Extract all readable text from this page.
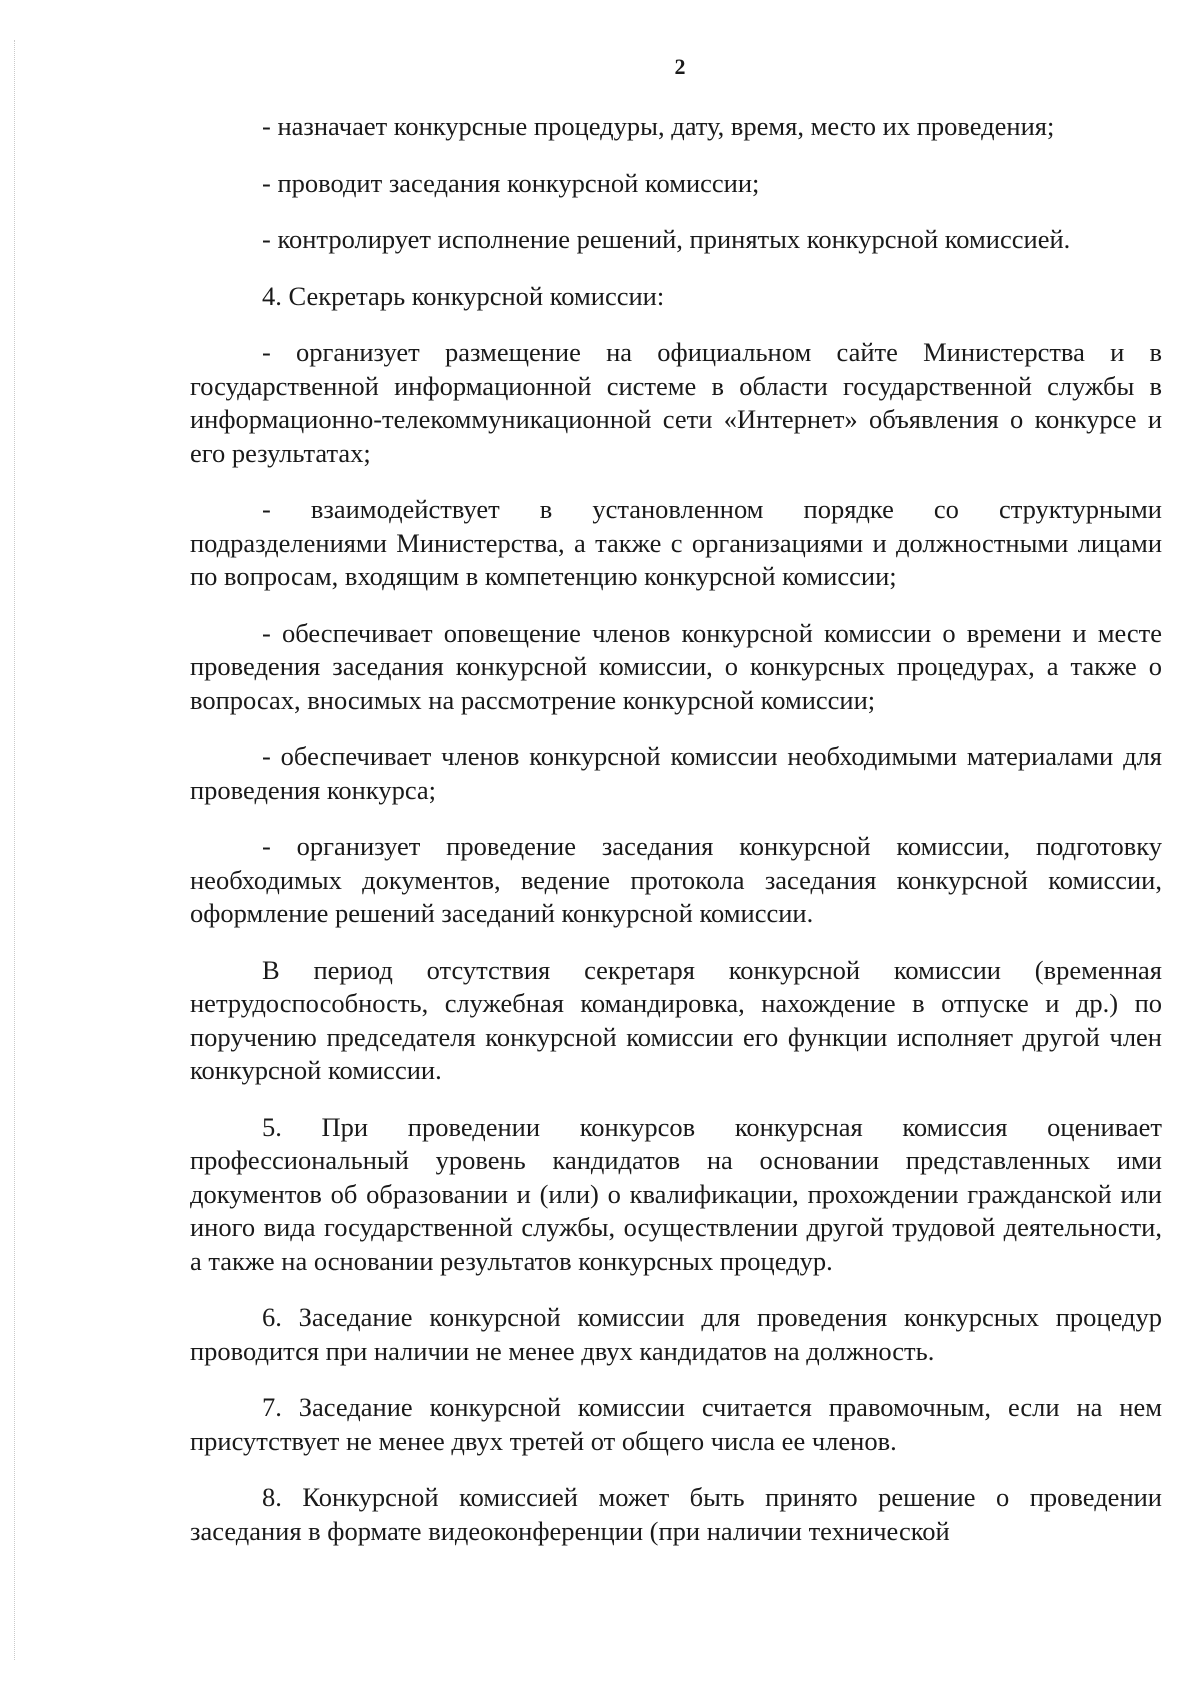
2

- назначает конкурсные процедуры, дату, время, место их проведения;

- проводит заседания конкурсной комиссии;

- контролирует исполнение решений, принятых конкурсной комиссией.

4. Секретарь конкурсной комиссии:

- организует размещение на официальном сайте Министерства и в государственной информационной системе в области государственной службы в информационно-телекоммуникационной сети «Интернет» объявления о конкурсе и его результатах;

- взаимодействует в установленном порядке со структурными подразделениями Министерства, а также с организациями и должностными лицами по вопросам, входящим в компетенцию конкурсной комиссии;

- обеспечивает оповещение членов конкурсной комиссии о времени и месте проведения заседания конкурсной комиссии, о конкурсных процедурах, а также о вопросах, вносимых на рассмотрение конкурсной комиссии;

- обеспечивает членов конкурсной комиссии необходимыми материалами для проведения конкурса;

- организует проведение заседания конкурсной комиссии, подготовку необходимых документов, ведение протокола заседания конкурсной комиссии, оформление решений заседаний конкурсной комиссии.

В период отсутствия секретаря конкурсной комиссии (временная нетрудоспособность, служебная командировка, нахождение в отпуске и др.) по поручению председателя конкурсной комиссии его функции исполняет другой член конкурсной комиссии.

5. При проведении конкурсов конкурсная комиссия оценивает профессиональный уровень кандидатов на основании представленных ими документов об образовании и (или) о квалификации, прохождении гражданской или иного вида государственной службы, осуществлении другой трудовой деятельности, а также на основании результатов конкурсных процедур.

6. Заседание конкурсной комиссии для проведения конкурсных процедур проводится при наличии не менее двух кандидатов на должность.

7. Заседание конкурсной комиссии считается правомочным, если на нем присутствует не менее двух третей от общего числа ее членов.

8. Конкурсной комиссией может быть принято решение о проведении заседания в формате видеоконференции (при наличии технической
